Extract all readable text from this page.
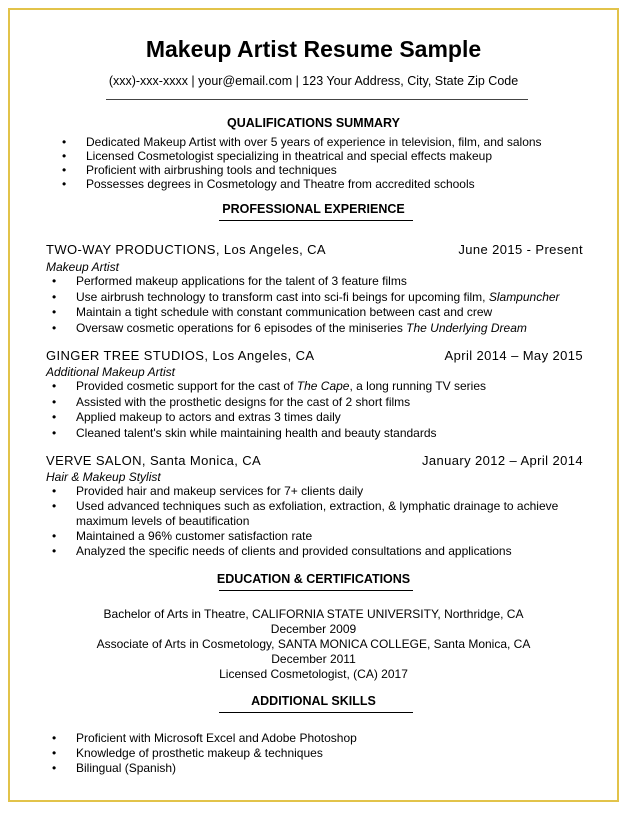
Makeup Artist Resume Sample
(xxx)-xxx-xxxx | your@email.com | 123 Your Address, City, State Zip Code
QUALIFICATIONS SUMMARY
• Dedicated Makeup Artist with over 5 years of experience in television, film, and salons
• Licensed Cosmetologist specializing in theatrical and special effects makeup
• Proficient with airbrushing tools and techniques
• Possesses degrees in Cosmetology and Theatre from accredited schools
PROFESSIONAL EXPERIENCE
TWO-WAY PRODUCTIONS, Los Angeles, CA	June 2015 - Present
Makeup Artist
• Performed makeup applications for the talent of 3 feature films
• Use airbrush technology to transform cast into sci-fi beings for upcoming film, Slampuncher
• Maintain a tight schedule with constant communication between cast and crew
• Oversaw cosmetic operations for 6 episodes of the miniseries The Underlying Dream
GINGER TREE STUDIOS, Los Angeles, CA	April 2014 – May 2015
Additional Makeup Artist
• Provided cosmetic support for the cast of The Cape, a long running TV series
• Assisted with the prosthetic designs for the cast of 2 short films
• Applied makeup to actors and extras 3 times daily
• Cleaned talent's skin while maintaining health and beauty standards
VERVE SALON, Santa Monica, CA	January 2012 – April 2014
Hair & Makeup Stylist
• Provided hair and makeup services for 7+ clients daily
• Used advanced techniques such as exfoliation, extraction, & lymphatic drainage to achieve maximum levels of beautification
• Maintained a 96% customer satisfaction rate
• Analyzed the specific needs of clients and provided consultations and applications
EDUCATION & CERTIFICATIONS
Bachelor of Arts in Theatre, CALIFORNIA STATE UNIVERSITY, Northridge, CA
December 2009
Associate of Arts in Cosmetology, SANTA MONICA COLLEGE, Santa Monica, CA
December 2011
Licensed Cosmetologist, (CA) 2017
ADDITIONAL SKILLS
• Proficient with Microsoft Excel and Adobe Photoshop
• Knowledge of prosthetic makeup & techniques
• Bilingual (Spanish)
